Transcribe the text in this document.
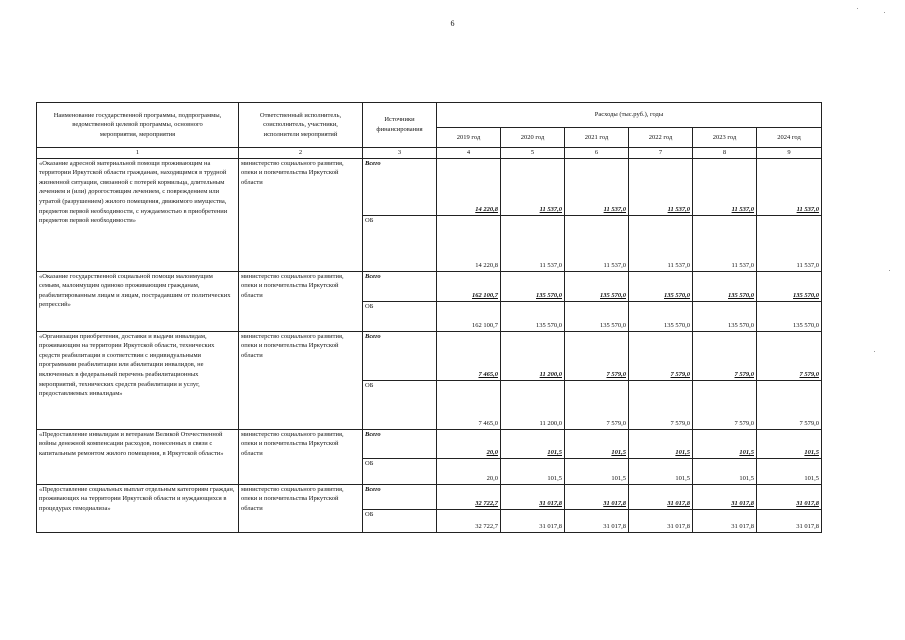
6
Наименование государственной программы, подпрограммы, ведомственной целевой программы, основного мероприятия, мероприятия	Ответственный исполнитель, соисполнитель, участники, исполнители мероприятий	Источники финансирования	Расходы (тыс.руб.), годы					
			2019 год	2020 год	2021 год	2022 год	2023 год	2024 год
1	2	3	4	5	6	7	8	9
«Оказание адресной материальной помощи проживающим на территории Иркутской области гражданам, находящимся в трудной жизненной ситуации, связанной с потерей кормильца, длительным лечением и (или) дорогостоящим лечением, с повреждением или утратой (разрушением) жилого помещения, движимого имущества, предметов первой необходимости, с нуждаемостью в приобретении предметов первой необходимости»	министерство социального развития, опеки и попечительства Иркутской области	Всего	14 220,8	11 537,0	11 537,0	11 537,0	11 537,0	11 537,0
		ОБ	14 220,8	11 537,0	11 537,0	11 537,0	11 537,0	11 537,0
«Оказание государственной социальной помощи малоимущим семьям, малоимущим одиноко проживающим гражданам, реабилитированным лицам и лицам, пострадавшим от политических репрессий»	министерство социального развития, опеки и попечительства Иркутской области	Всего	162 100,7	135 570,0	135 570,0	135 570,0	135 570,0	135 570,0
		ОБ	162 100,7	135 570,0	135 570,0	135 570,0	135 570,0	135 570,0
«Организация приобретения, доставки и выдачи инвалидам, проживающим на территории Иркутской области, технических средств реабилитации в соответствии с индивидуальными программами реабилитации или абилитации инвалидов, не включенных в федеральный перечень реабилитационных мероприятий, технических средств реабилитации и услуг, предоставляемых инвалидам»	министерство социального развития, опеки и попечительства Иркутской области	Всего	7 465,0	11 200,0	7 579,0	7 579,0	7 579,0	7 579,0
		ОБ	7 465,0	11 200,0	7 579,0	7 579,0	7 579,0	7 579,0
«Предоставление инвалидам и ветеранам Великой Отечественной войны денежной компенсации расходов, понесенных в связи с капитальным ремонтом жилого помещения, в Иркутской области»	министерство социального развития, опеки и попечительства Иркутской области	Всего	20,0	101,5	101,5	101,5	101,5	101,5
		ОБ	20,0	101,5	101,5	101,5	101,5	101,5
«Предоставление социальных выплат отдельным категориям граждан, проживающих на территории Иркутской области и нуждающихся в процедурах гемодиализа»	министерство социального развития, опеки и попечительства Иркутской области	Всего	32 722,7	31 017,8	31 017,8	31 017,8	31 017,8	31 017,8
		ОБ	32 722,7	31 017,8	31 017,8	31 017,8	31 017,8	31 017,8
